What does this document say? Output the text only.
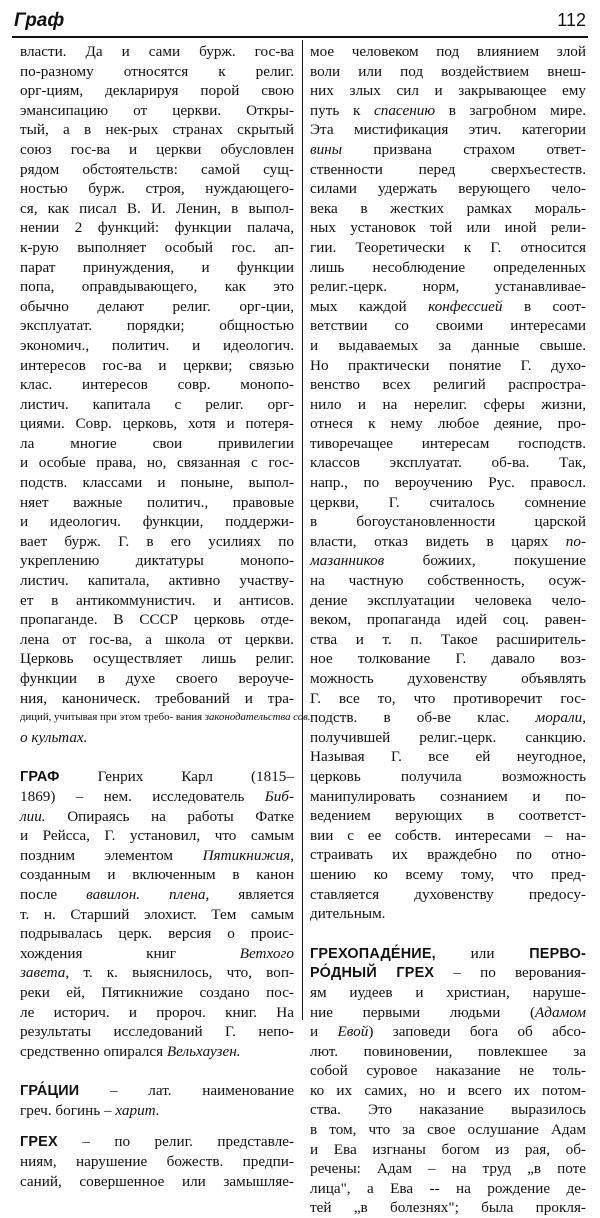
Граф	112
власти. Да и сами бурж. гос-ва
по-разному относятся к религ.
орг-циям, декларируя порой свою
эмансипацию от церкви. Откры-
тый, а в нек-рых странах скрытый
союз гос-ва и церкви обусловлен
рядом обстоятельств: самой сущ-
ностью бурж. строя, нуждающего-
ся, как писал В. И. Ленин, в выпол-
нении 2 функций: функции палача,
к-рую выполняет особый гос. ап-
парат принуждения, и функции
попа, оправдывающего, как это
обычно делают религ. орг-ции,
эксплуатат. порядки; общностью
экономич., политич. и идеологич.
интересов гос-ва и церкви; связью
клас. интересов совр. монопо-
листич. капитала с религ. орг-
циями. Совр. церковь, хотя и потеря-
ла многие свои привилегии
и особые права, но, связанная с гос-
подств. классами и поныне, выпол-
няет важные политич., правовые
и идеологич. функции, поддержи-
вает бурж. Г. в его усилиях по
укреплению диктатуры монопо-
листич. капитала, активно участву-
ет в антикоммунистич. и антисов.
пропаганде. В СССР церковь отде-
лена от гос-ва, а школа от церкви.
Церковь осуществляет лишь религ.
функции в духе своего вероуче-
ния, каноническ. требований и тра-
диций, учитывая при этом требо- вания законодательства сов.
о культах.
ГРАФ Генрих Карл (1815–
1869) – нем. исследователь Биб-
лии. Опираясь на работы Фатке
и Рейсса, Г. установил, что самым
поздним элементом Пятикнижия,
созданным и включенным в канон
после вавилон. плена, является
т. н. Старший элохист. Тем самым
подрывалась церк. версия о проис-
хождения книг	Ветхого
завета, т. к. выяснилось, что, воп-
реки ей, Пятикнижие создано пос-
ле историч. и пророч. книг. На
результаты исследований Г. непо-
средственно опирался Вельхаузен.
ГРА́ЦИИ – лат. наименование
греч. богинь – харит.
ГРЕХ – по религ. представле-
ниям, нарушение божеств. предпи-
саний, совершенное или замышляе-
мое человеком под влиянием злой
воли или под воздействием внеш-
них злых сил и закрывающее ему
путь к спасению в загробном мире.
Эта мистификация этич. категории
вины призвана страхом ответ-
ственности перед сверхъестеств.
силами удержать верующего чело-
века в жестких рамках мораль-
ных установок той или иной рели-
гии. Теоретически к Г. относится
лишь несоблюдение определенных
религ.-церк. норм, устанавливае-
мых каждой конфессией в соот-
ветствии со своими интересами
и выдаваемых за данные свыше.
Но практически понятие Г. духо-
венство всех религий распростра-
нило и на нерелиг. сферы жизни,
отнеся к нему любое деяние, про-
тиворечащее интересам господств.
классов эксплуатат. об-ва. Так,
напр., по вероучению Рус. правосл.
церкви, Г. считалось сомнение
в богоустановленности царской
власти, отказ видеть в царях по-
мазанников	божиих, покушение
на частную собственность, осуж-
дение эксплуатации человека чело-
веком, пропаганда идей соц. равен-
ства и т. п. Такое расширитель-
ное толкование Г. давало воз-
можность духовенству объявлять
Г. все то, что противоречит гос-
подств. в об-ве клас. морали,
получившей религ.-церк. санкцию.
Называя Г. все ей неугодное,
церковь получила возможность
манипулировать сознанием и по-
ведением верующих в соответст-
вии с ее собств. интересами – на-
страивать их враждебно по отно-
шению ко всему тому, что пред-
ставляется духовенству предосу-
дительным.
ГРЕХОПАДЕ́НИЕ, или ПЕРВО-
РО́ДНЫЙ ГРЕХ – по верования-
ям иудеев и христиан, наруше-
ние первыми людьми (Адамом
и Евой) заповеди бога об абсо-
лют. повиновении, повлекшее за
собой суровое наказание не толь-
ко их самих, но и всего их потом-
ства. Это наказание выразилось
в том, что за свое ослушание Адам
и Ева изгнаны богом из рая, об-
речены: Адам – на труд „в поте
лица", а Ева -- на рождение де-
тей „в болезнях"; была прокля-
